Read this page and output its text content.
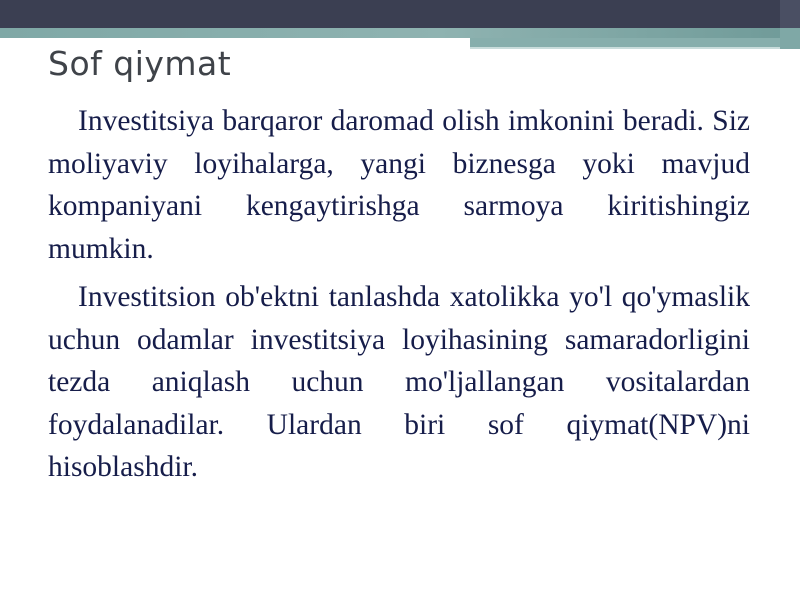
Sof qiymat

Investitsiya barqaror daromad olish imkonini beradi. Siz moliyaviy loyihalarga, yangi biznesga yoki mavjud kompaniyani kengaytirishga sarmoya kiritishingiz mumkin.

Investitsion ob'ektni tanlashda xatolikka yo'l qo'ymaslik uchun odamlar investitsiya loyihasining samaradorligini tezda aniqlash uchun mo'ljallangan vositalardan foydalanadilar. Ulardan biri sof qiymat(NPV)ni hisoblashdir.
